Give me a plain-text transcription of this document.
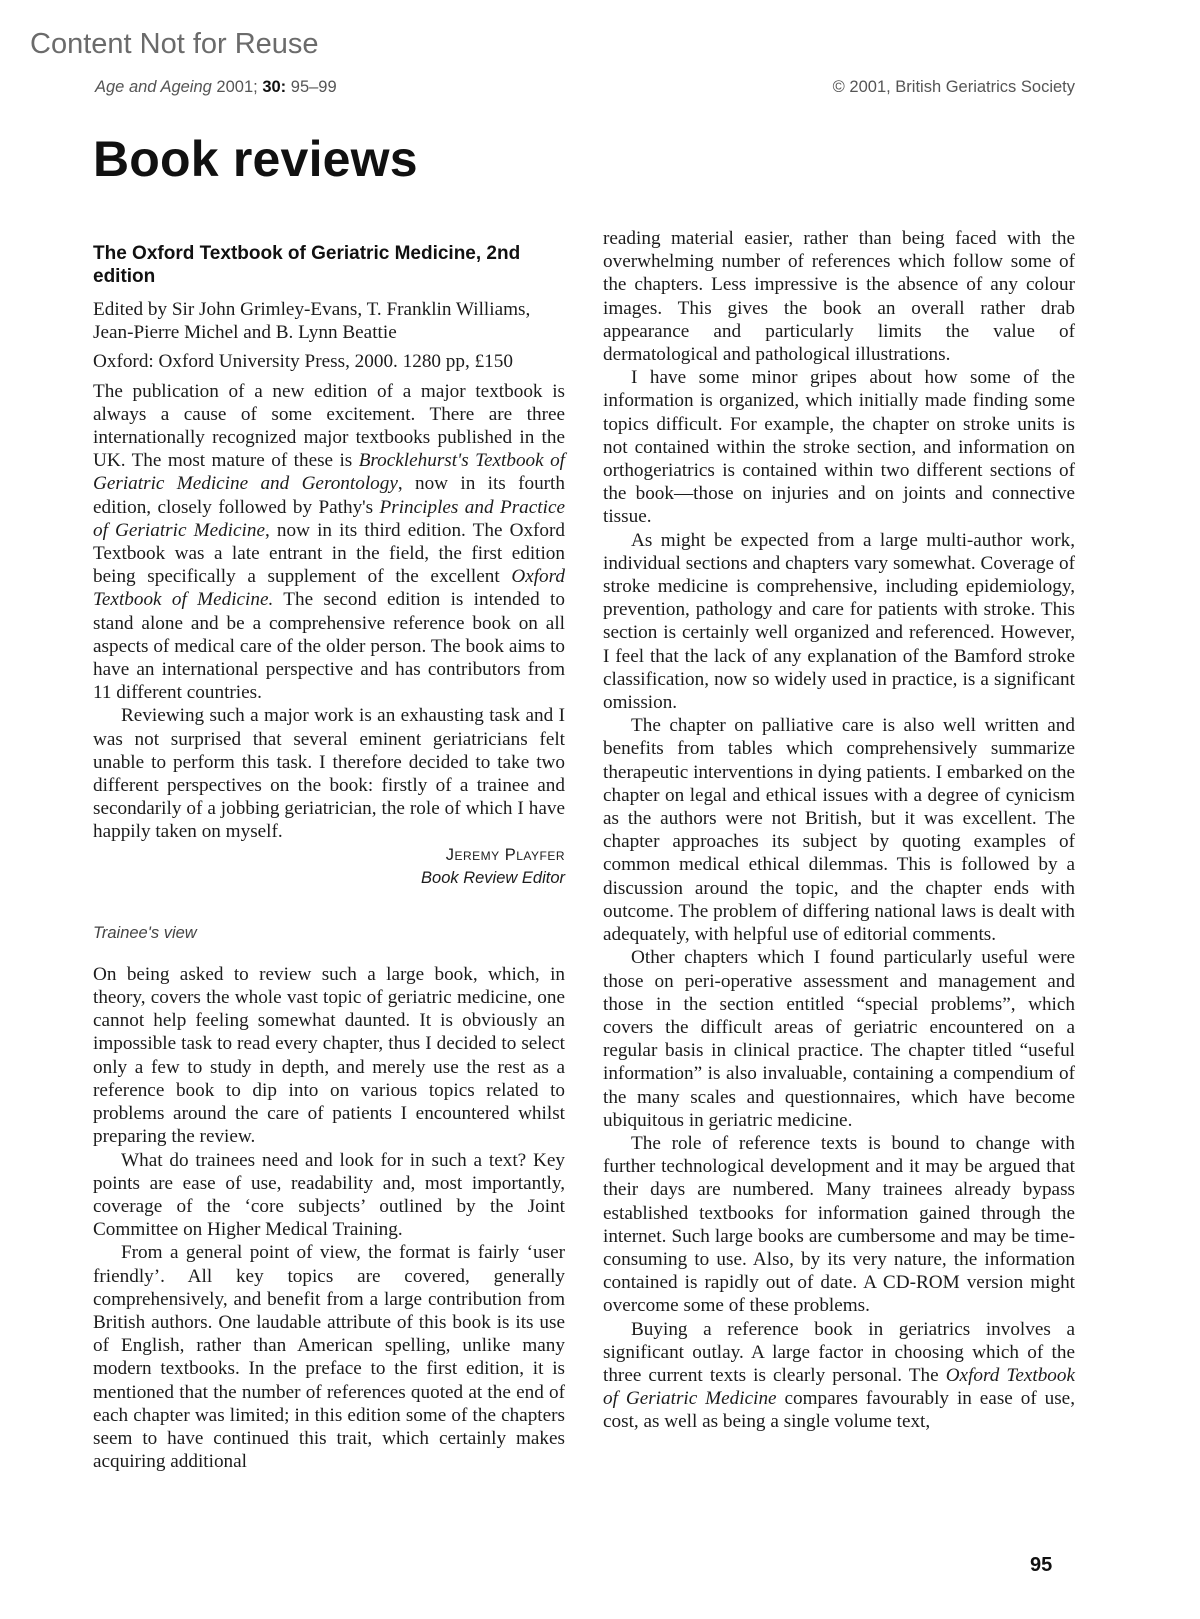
Content Not for Reuse
Age and Ageing 2001; 30: 95–99	© 2001, British Geriatrics Society
Book reviews
The Oxford Textbook of Geriatric Medicine, 2nd edition

Edited by Sir John Grimley-Evans, T. Franklin Williams, Jean-Pierre Michel and B. Lynn Beattie

Oxford: Oxford University Press, 2000. 1280 pp, £150

The publication of a new edition of a major textbook is always a cause of some excitement. There are three internationally recognized major textbooks published in the UK. The most mature of these is Brocklehurst's Textbook of Geriatric Medicine and Gerontology, now in its fourth edition, closely followed by Pathy's Principles and Practice of Geriatric Medicine, now in its third edition. The Oxford Textbook was a late entrant in the field, the first edition being specifically a supplement of the excellent Oxford Textbook of Medicine. The second edition is intended to stand alone and be a comprehensive reference book on all aspects of medical care of the older person. The book aims to have an international perspective and has contributors from 11 different countries.

Reviewing such a major work is an exhausting task and I was not surprised that several eminent geriatricians felt unable to perform this task. I therefore decided to take two different perspectives on the book: firstly of a trainee and secondarily of a jobbing geriatrician, the role of which I have happily taken on myself.

Jeremy Playfer
Book Review Editor
Trainee's view

On being asked to review such a large book, which, in theory, covers the whole vast topic of geriatric medicine, one cannot help feeling somewhat daunted. It is obviously an impossible task to read every chapter, thus I decided to select only a few to study in depth, and merely use the rest as a reference book to dip into on various topics related to problems around the care of patients I encountered whilst preparing the review.

What do trainees need and look for in such a text? Key points are ease of use, readability and, most importantly, coverage of the ‘core subjects’ outlined by the Joint Committee on Higher Medical Training.

From a general point of view, the format is fairly ‘user friendly’. All key topics are covered, generally comprehensively, and benefit from a large contribution from British authors. One laudable attribute of this book is its use of English, rather than American spelling, unlike many modern textbooks. In the preface to the first edition, it is mentioned that the number of references quoted at the end of each chapter was limited; in this edition some of the chapters seem to have continued this trait, which certainly makes acquiring additional

reading material easier, rather than being faced with the overwhelming number of references which follow some of the chapters. Less impressive is the absence of any colour images. This gives the book an overall rather drab appearance and particularly limits the value of dermatological and pathological illustrations.

I have some minor gripes about how some of the information is organized, which initially made finding some topics difficult. For example, the chapter on stroke units is not contained within the stroke section, and information on orthogeriatrics is contained within two different sections of the book—those on injuries and on joints and connective tissue.

As might be expected from a large multi-author work, individual sections and chapters vary somewhat. Coverage of stroke medicine is comprehensive, including epidemiology, prevention, pathology and care for patients with stroke. This section is certainly well organized and referenced. However, I feel that the lack of any explanation of the Bamford stroke classification, now so widely used in practice, is a significant omission.

The chapter on palliative care is also well written and benefits from tables which comprehensively summarize therapeutic interventions in dying patients. I embarked on the chapter on legal and ethical issues with a degree of cynicism as the authors were not British, but it was excellent. The chapter approaches its subject by quoting examples of common medical ethical dilemmas. This is followed by a discussion around the topic, and the chapter ends with outcome. The problem of differing national laws is dealt with adequately, with helpful use of editorial comments.

Other chapters which I found particularly useful were those on peri-operative assessment and management and those in the section entitled “special problems”, which covers the difficult areas of geriatric encountered on a regular basis in clinical practice. The chapter titled “useful information” is also invaluable, containing a compendium of the many scales and questionnaires, which have become ubiquitous in geriatric medicine.

The role of reference texts is bound to change with further technological development and it may be argued that their days are numbered. Many trainees already bypass established textbooks for information gained through the internet. Such large books are cumbersome and may be time-consuming to use. Also, by its very nature, the information contained is rapidly out of date. A CD-ROM version might overcome some of these problems.

Buying a reference book in geriatrics involves a significant outlay. A large factor in choosing which of the three current texts is clearly personal. The Oxford Textbook of Geriatric Medicine compares favourably in ease of use, cost, as well as being a single volume text,

95
